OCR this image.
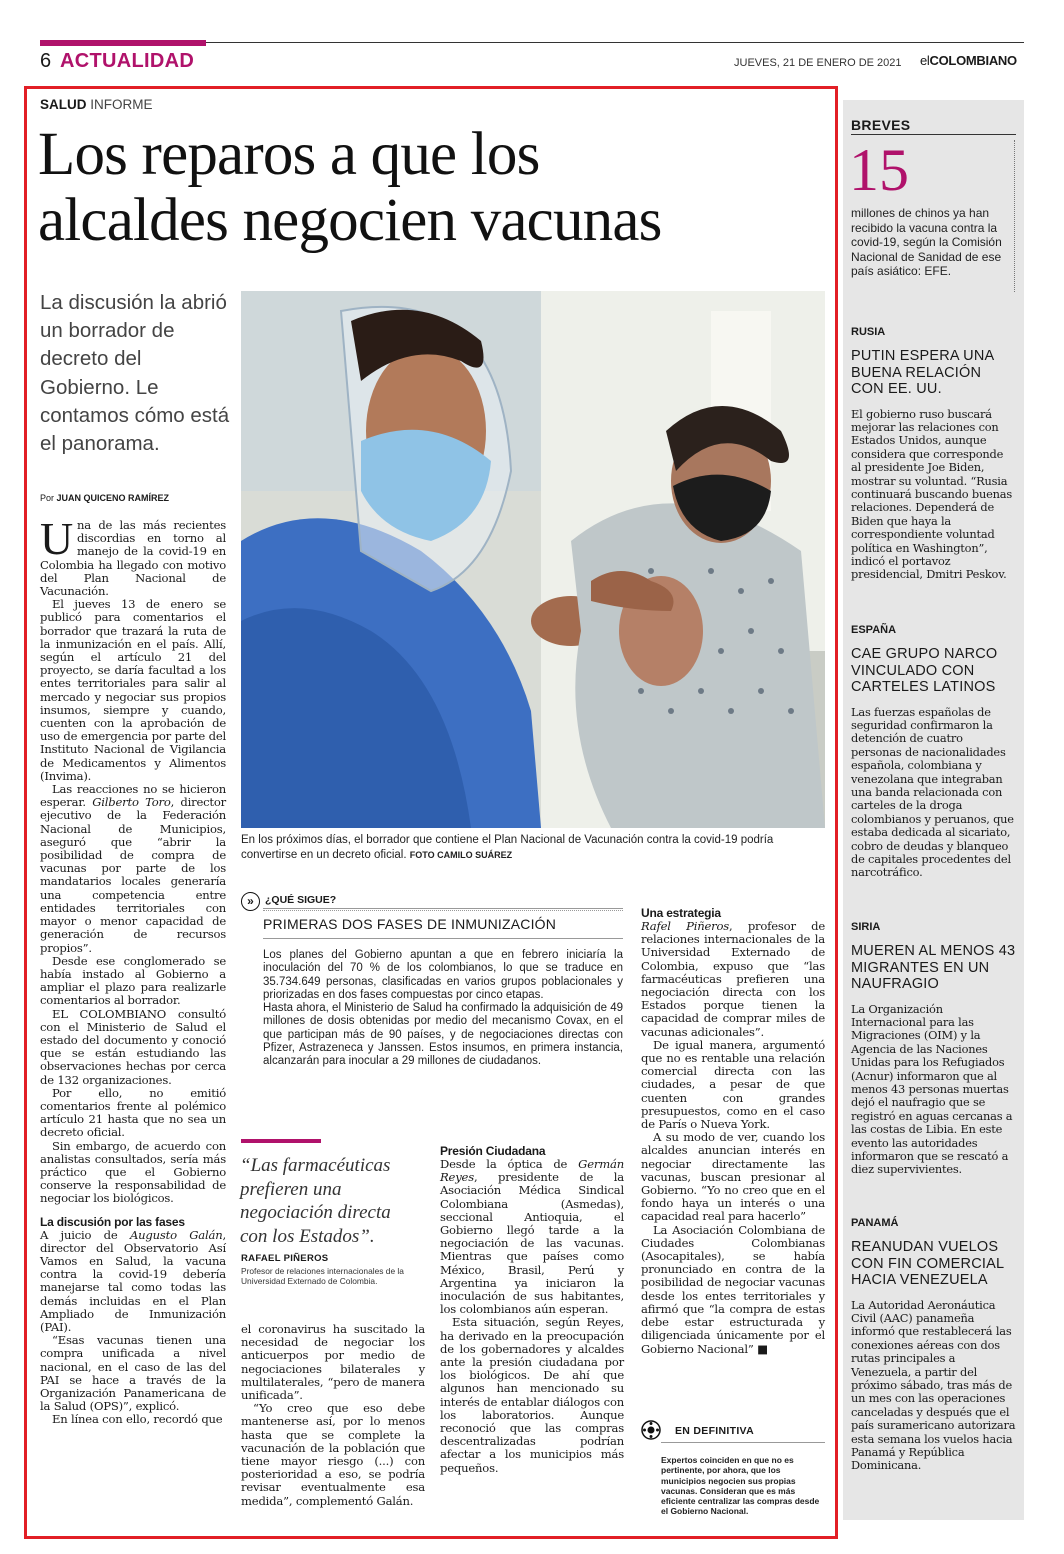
6 ACTUALIDAD	JUEVES, 21 DE ENERO DE 2021 elCOLOMBIANO
SALUD INFORME
Los reparos a que los
alcaldes negocien vacunas
La discusión la abrió un borrador de decreto del Gobierno. Le contamos cómo está el panorama.
Por JUAN QUICENO RAMÍREZ
En los próximos días, el borrador que contiene el Plan Nacional de Vacunación contra la covid-19 podría convertirse en un decreto oficial. FOTO CAMILO SUÁREZ

Una de las más recientes discordias en torno al manejo de la covid-19 en Colombia ha llegado con motivo del Plan Nacional de Vacunación.

El jueves 13 de enero se publicó para comentarios el borrador que trazará la ruta de la inmunización en el país. Allí, según el artículo 21 del proyecto, se daría facultad a los entes territoriales para salir al mercado y negociar sus propios insumos, siempre y cuando, cuenten con la aprobación de uso de emergencia por parte del Instituto Nacional de Vigilancia de Medicamentos y Alimentos (Invima).

Las reacciones no se hicieron esperar. Gilberto Toro, director ejecutivo de la Federación Nacional de Municipios, aseguró que “abrir la posibilidad de compra de vacunas por parte de los mandatarios locales generaría una competencia entre entidades territoriales con mayor o menor capacidad de generación de recursos propios”.

Desde ese conglomerado se había instado al Gobierno a ampliar el plazo para realizarle comentarios al borrador.

EL COLOMBIANO consultó con el Ministerio de Salud el estado del documento y conoció que se están estudiando las observaciones hechas por cerca de 132 organizaciones.

Por ello, no emitió comentarios frente al polémico artículo 21 hasta que no sea un decreto oficial.

Sin embargo, de acuerdo con analistas consultados, sería más práctico que el Gobierno conserve la responsabilidad de negociar los biológicos.

La discusión por las fases

A juicio de Augusto Galán, director del Observatorio Así Vamos en Salud, la vacuna contra la covid-19 debería manejarse tal como todas las demás incluidas en el Plan Ampliado de Inmunización (PAI).

“Esas vacunas tienen una compra unificada a nivel nacional, en el caso de las del PAI se hace a través de la Organización Panamericana de la Salud (OPS)”, explicó.

En línea con ello, recordó que

»	¿QUÉ SIGUE?
PRIMERAS DOS FASES DE INMUNIZACIÓN
Los planes del Gobierno apuntan a que en febrero iniciaría la inoculación del 70 % de los colombianos, lo que se traduce en 35.734.649 personas, clasificadas en varios grupos poblacionales y priorizadas en dos fases compuestas por cinco etapas.
Hasta ahora, el Ministerio de Salud ha confirmado la adquisición de 49 millones de dosis obtenidas por medio del mecanismo Covax, en el que participan más de 90 países, y de negociaciones directas con Pfizer, Astrazeneca y Janssen. Estos insumos, en primera instancia, alcanzarán para inocular a 29 millones de ciudadanos.
“Las farmacéuticas prefieren una negociación directa con los Estados”.
RAFAEL PIÑEROS
Profesor de relaciones internacionales de la Universidad Externado de Colombia.

el coronavirus ha suscitado la necesidad de negociar los anticuerpos por medio de negociaciones bilaterales y multilaterales, “pero de manera unificada”.

“Yo creo que eso debe mantenerse así, por lo menos hasta que se complete la vacunación de la población que tiene mayor riesgo (...) con posterioridad a eso, se podría revisar eventualmente esa medida”, complementó Galán.

Presión Ciudadana

Desde la óptica de Germán Reyes, presidente de la Asociación Médica Sindical Colombiana (Asmedas), seccional Antioquia, el Gobierno llegó tarde a la negociación de las vacunas. Mientras que países como México, Brasil, Perú y Argentina ya iniciaron la inoculación de sus habitantes, los colombianos aún esperan.

Esta situación, según Reyes, ha derivado en la preocupación de los gobernadores y alcaldes ante la presión ciudadana por los biológicos. De ahí que algunos han mencionado su interés de entablar diálogos con los laboratorios. Aunque reconoció que las compras descentralizadas podrían afectar a los municipios más pequeños.

Una estrategia

Rafel Piñeros, profesor de relaciones internacionales de la Universidad Externado de Colombia, expuso que “las farmacéuticas prefieren una negociación directa con los Estados porque tienen la capacidad de comprar miles de vacunas adicionales”.

De igual manera, argumentó que no es rentable una relación comercial directa con las ciudades, a pesar de que cuenten con grandes presupuestos, como en el caso de París o Nueva York.

A su modo de ver, cuando los alcaldes anuncian interés en negociar directamente las vacunas, buscan presionar al Gobierno. “Yo no creo que en el fondo haya un interés o una capacidad real para hacerlo”

La Asociación Colombiana de Ciudades Colombianas (Asocapitales), se había pronunciado en contra de la posibilidad de negociar vacunas desde los entes territoriales y afirmó que “la compra de estas debe estar estructurada y diligenciada únicamente por el Gobierno Nacional” ■

EN DEFINITIVA
Expertos coinciden en que no es pertinente, por ahora, que los municipios negocien sus propias vacunas. Consideran que es más eficiente centralizar las compras desde el Gobierno Nacional.
BREVES
15
millones de chinos ya han recibido la vacuna contra la covid-19, según la Comisión Nacional de Sanidad de ese país asiático: EFE.
RUSIA
PUTIN ESPERA UNA BUENA RELACIÓN CON EE. UU.
El gobierno ruso buscará mejorar las relaciones con Estados Unidos, aunque considera que corresponde al presidente Joe Biden, mostrar su voluntad. “Rusia continuará buscando buenas relaciones. Dependerá de Biden que haya la correspondiente voluntad política en Washington”, indicó el portavoz presidencial, Dmitri Peskov.
ESPAÑA
CAE GRUPO NARCO VINCULADO CON CARTELES LATINOS
Las fuerzas españolas de seguridad confirmaron la detención de cuatro personas de nacionalidades española, colombiana y venezolana que integraban una banda relacionada con carteles de la droga colombianos y peruanos, que estaba dedicada al sicariato, cobro de deudas y blanqueo de capitales procedentes del narcotráfico.
SIRIA
MUEREN AL MENOS 43 MIGRANTES EN UN NAUFRAGIO
La Organización Internacional para las Migraciones (OIM) y la Agencia de las Naciones Unidas para los Refugiados (Acnur) informaron que al menos 43 personas muertas dejó el naufragio que se registró en aguas cercanas a las costas de Libia. En este evento las autoridades informaron que se rescató a diez supervivientes.
PANAMÁ
REANUDAN VUELOS CON FIN COMERCIAL HACIA VENEZUELA
La Autoridad Aeronáutica Civil (AAC) panameña informó que restablecerá las conexiones aéreas con dos rutas principales a Venezuela, a partir del próximo sábado, tras más de un mes con las operaciones canceladas y después que el país suramericano autorizara esta semana los vuelos hacia Panamá y República Dominicana.
